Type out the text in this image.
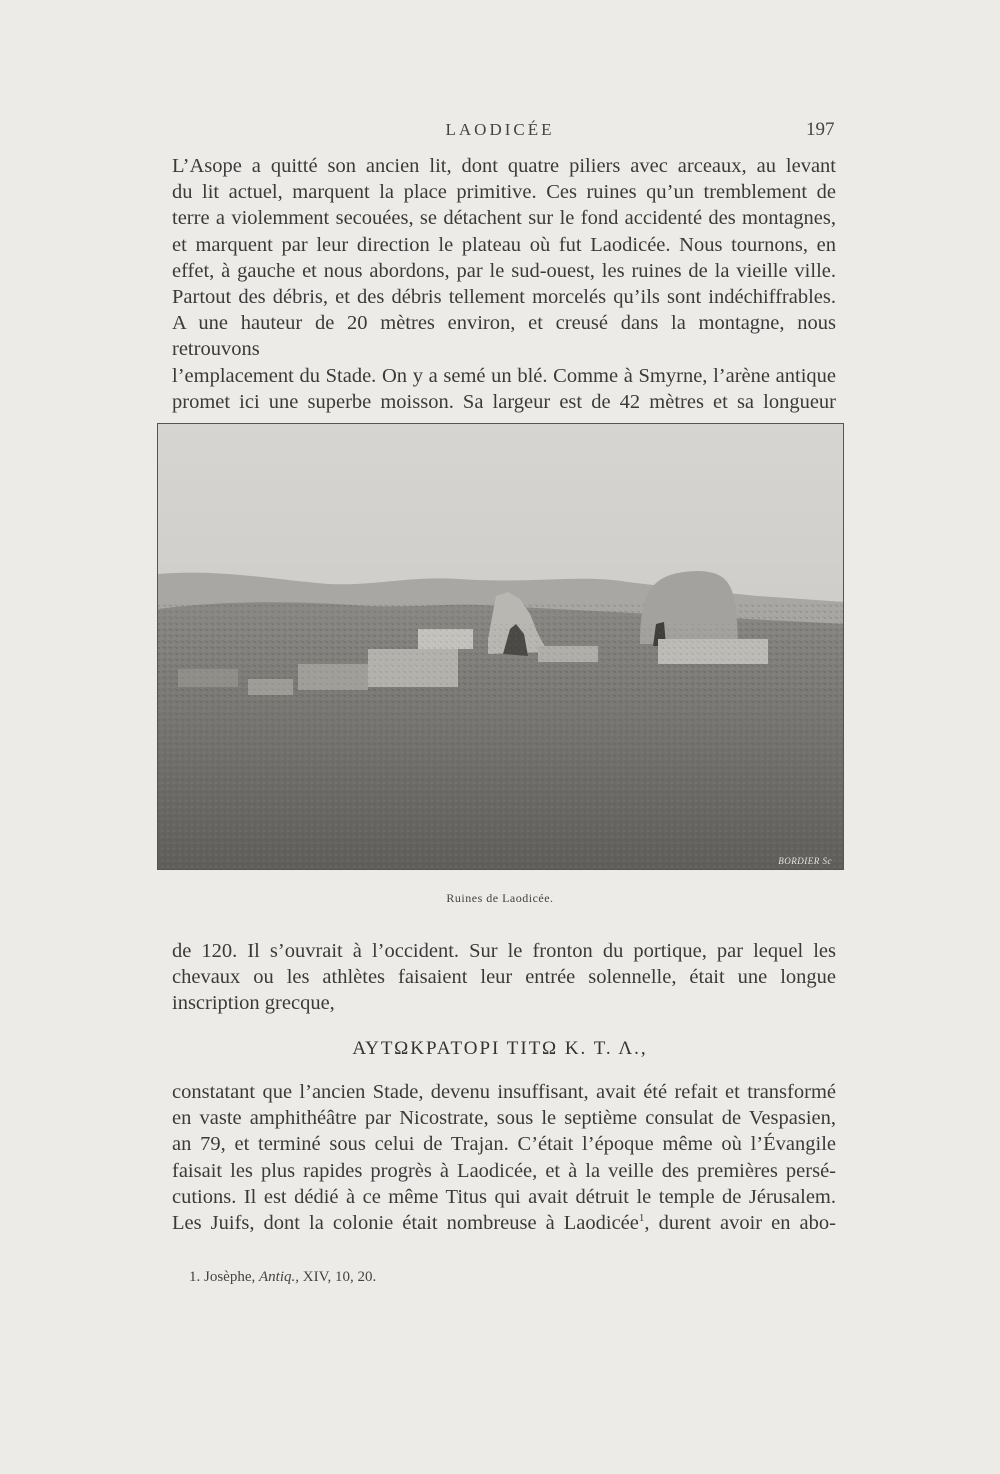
LAODICÉE	197
L’Asope a quitté son ancien lit, dont quatre piliers avec arceaux, au levant
du lit actuel, marquent la place primitive. Ces ruines qu’un tremblement de
terre a violemment secouées, se détachent sur le fond accidenté des montagnes,
et marquent par leur direction le plateau où fut Laodicée. Nous tournons, en
effet, à gauche et nous abordons, par le sud-ouest, les ruines de la vieille ville.
Partout des débris, et des débris tellement morcelés qu’ils sont indéchiffrables.
A une hauteur de 20 mètres environ, et creusé dans la montagne, nous retrouvons
l’emplacement du Stade. On y a semé un blé. Comme à Smyrne, l’arène antique
promet ici une superbe moisson. Sa largeur est de 42 mètres et sa longueur
BORDIER Sc
Ruines de Laodicée.
de 120. Il s’ouvrait à l’occident. Sur le fronton du portique, par lequel les
chevaux ou les athlètes faisaient leur entrée solennelle, était une longue
inscription grecque,
ΑΥΤΩΚΡΑΤΟΡΙ ΤΙΤΩ Κ. Τ. Λ.,
constatant que l’ancien Stade, devenu insuffisant, avait été refait et transformé
en vaste amphithéâtre par Nicostrate, sous le septième consulat de Vespasien,
an 79, et terminé sous celui de Trajan. C’était l’époque même où l’Évangile
faisait les plus rapides progrès à Laodicée, et à la veille des premières persé-
cutions. Il est dédié à ce même Titus qui avait détruit le temple de Jérusalem.
Les Juifs, dont la colonie était nombreuse à Laodicée$^1$, durent avoir en abo-
1. Josèphe, Antiq., XIV, 10, 20.
